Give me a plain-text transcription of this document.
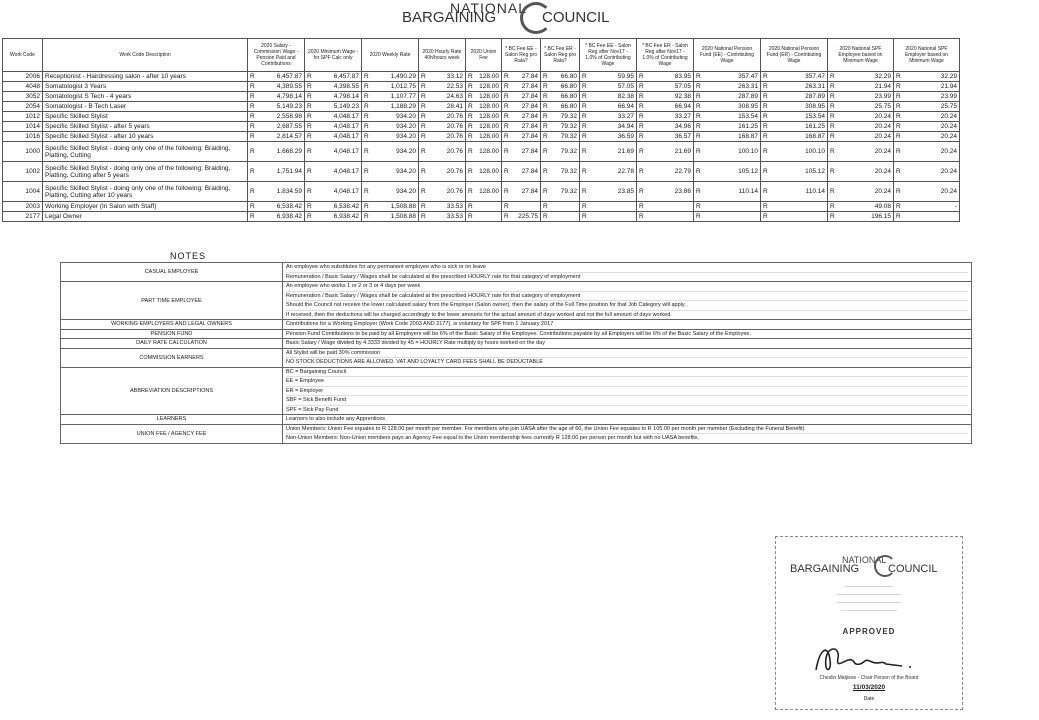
NATIONAL
BARGAINING	COUNCIL
Work Code	Work Code Description	2020 Salary - Commission Wage - Pension Paid and Contributions	2020 Minimum Wage - for SPF Calc only	2020 Weekly Rate	2020 Hourly Rate 40h/hours week	2020 Union Fee	* BC Fee EE - Salon Reg pro Rata?	* BC Fee ER - Salon Reg pro Rata?	* BC Fee EE - Salon Reg after Nov17 - 1.0% of Contributing Wage	* BC Fee ER - Salon Reg after Nov17 - 1.0% of Contributing Wage	2020 National Pension Fund (EE) - Contributing Wage	2020 National Pension Fund (ER) - Contributing Wage	2020 National SPF Employee based on Minimum Wage	2020 National SPF Employer based on Minimum Wage
2006	Receptionist - Hairdressing salon - after 10 years	R 6,457.87	R 6,457.87	R 1,490.29	R 33.12	R 128.00	R 27.84	R 66.80	R 59.95	R 83.95	R 357.47	R 357.47	R 32.29	R 32.29

4048	Somatologist 3 Years	R 4,389.55	R 4,398.55	R 1,012.75	R 22.53	R 128.00	R 27.84	R 66.80	R 57.05	R 57.05	R 263.31	R 263.31	R 21.94	R 21.94

3052	Somatologist S Tech - 4 years	R 4,798.14	R 4,798.14	R 1,107.77	R 24.63	R 128.00	R 27.84	R 66.80	R 82.38	R 92.38	R 287.89	R 287.89	R 23.99	R 23.99

2054	Somatologist - B Tech Laser	R 5,149.23	R 5,149.23	R 1,188.29	R 28.41	R 128.00	R 27.84	R 66.80	R 66.94	R 66.94	R 308.95	R 308.95	R 25.75	R 25.75

1012	Specific Skilled Stylist	R 2,558.98	R 4,048.17	R 934.20	R 20.76	R 128.00	R 27.84	R 79.32	R 33.27	R 33.27	R 153.54	R 153.54	R 20.24	R 20.24

1014	Specific Skilled Stylist - after 5 years	R 2,687.55	R 4,048.17	R 934.20	R 20.76	R 128.00	R 27.84	R 79.32	R 34.94	R 34.96	R 161.25	R 161.25	R 20.24	R 20.24

1016	Specific Skilled Stylist - after 10 years	R 2,814.57	R 4,048.17	R 934.20	R 20.76	R 128.00	R 27.84	R 79.32	R 36.59	R 36.57	R 168.87	R 168.87	R 20.24	R 20.24

1000	Specific Skilled Stylist - doing only one of the following: Braiding, Platting, Cutting	R 1,668.29	R 4,048.17	R 934.20	R 20.76	R 128.00	R 27.84	R 79.32	R 21.69	R 21.69	R 100.10	R 100.10	R 20.24	R 20.24

1002	Specific Skilled Stylist - doing only one of the following: Braiding, Platting, Cutting after 5 years	R 1,751.94	R 4,048.17	R 934.20	R 20.76	R 128.00	R 27.84	R 79.32	R 22.78	R 22.79	R 105.12	R 105.12	R 20.24	R 20.24

1004	Specific Skilled Stylist - doing only one of the following: Braiding, Platting, Cutting after 10 years	R 1,834.59	R 4,048.17	R 934.20	R 20.76	R 128.00	R 27.84	R 79.32	R 23.85	R 23.86	R 110.14	R 110.14	R 20.24	R 20.24

2003	Working Employer (In Salon with Staff)	R 6,538.42	R 6,538.42	R 1,508.88	R 33.53	R	R	R	R	R	R	R	R 49.08	R -

2177	Legal Owner	R 6,938.42	R 6,938.42	R 1,508.88	R 33.53	R	R 225.75	R	R	R	R	R	R 196.15	R
NOTES
CASUAL EMPLOYEE	An employee who substitutes for any permanent employee who is sick or on leave
Remuneration / Basic Salary / Wages shall be calculated at the prescribed HOURLY rate for that category of employment

PART TIME EMPLOYEE	An employee who works 1 or 2 or 3 or 4 days per week
Remuneration / Basic Salary / Wages shall be calculated at the prescribed HOURLY rate for that category of employment
Should the Council not receive the lower calculated salary from the Employer (Salon owner), then the salary of the Full Time position for that Job Category will apply.
If received, then the deductions will be charged accordingly to the lower amounts for the actual amount of days worked and not the full amount of days worked.

WORKING EMPLOYERS AND LEGAL OWNERS	Contributions for a Working Employer (Work Code 2003 AND 2177), is voluntary for SPF from 1 January 2017

PENSION FUND	Pension Fund Contributions to be paid by all Employers will be 6% of the Basic Salary of the Employee. Contributions payable by all Employers will be 6% of the Basic Salary of the Employee.

DAILY RATE CALCULATION	Basic Salary / Wage divided by 4.3333 divided by 45 = HOURLY Rate multiply by hours worked on the day

COMMISSION EARNERS	All Stylist will be paid 30% commission
NO STOCK DEDUCTIONS ARE ALLOWED. VAT AND LOYALTY CARD FEES SHALL BE DEDUCTABLE

ABBREVIATION DESCRIPTIONS	BC = Bargaining Council
EE = Employee
ER = Employer
SBF = Sick Benefit Fund
SPF = Sick Pay Fund

LEARNERS	Learners to also include any Apprentices

UNION FEE / AGENCY FEE	Union Members: Union Fee equates to R 128.00 per month per member. For members who join UASA after the age of 60, the Union Fee equates to R 105.00 per month per member (Excluding the Funeral Benefit)
Non-Union Members: Non-Union members pays an Agency Fee equal to the Union membership fees currently R 128.00 per person per month but with no UASA benefits.
NATIONAL
BARGAINING	COUNCIL
————————————
————————————————
————————————————
——————————————
APPROVED
Cheslin Matjiese - Chair Person of the Board
11/03/2020
Date
